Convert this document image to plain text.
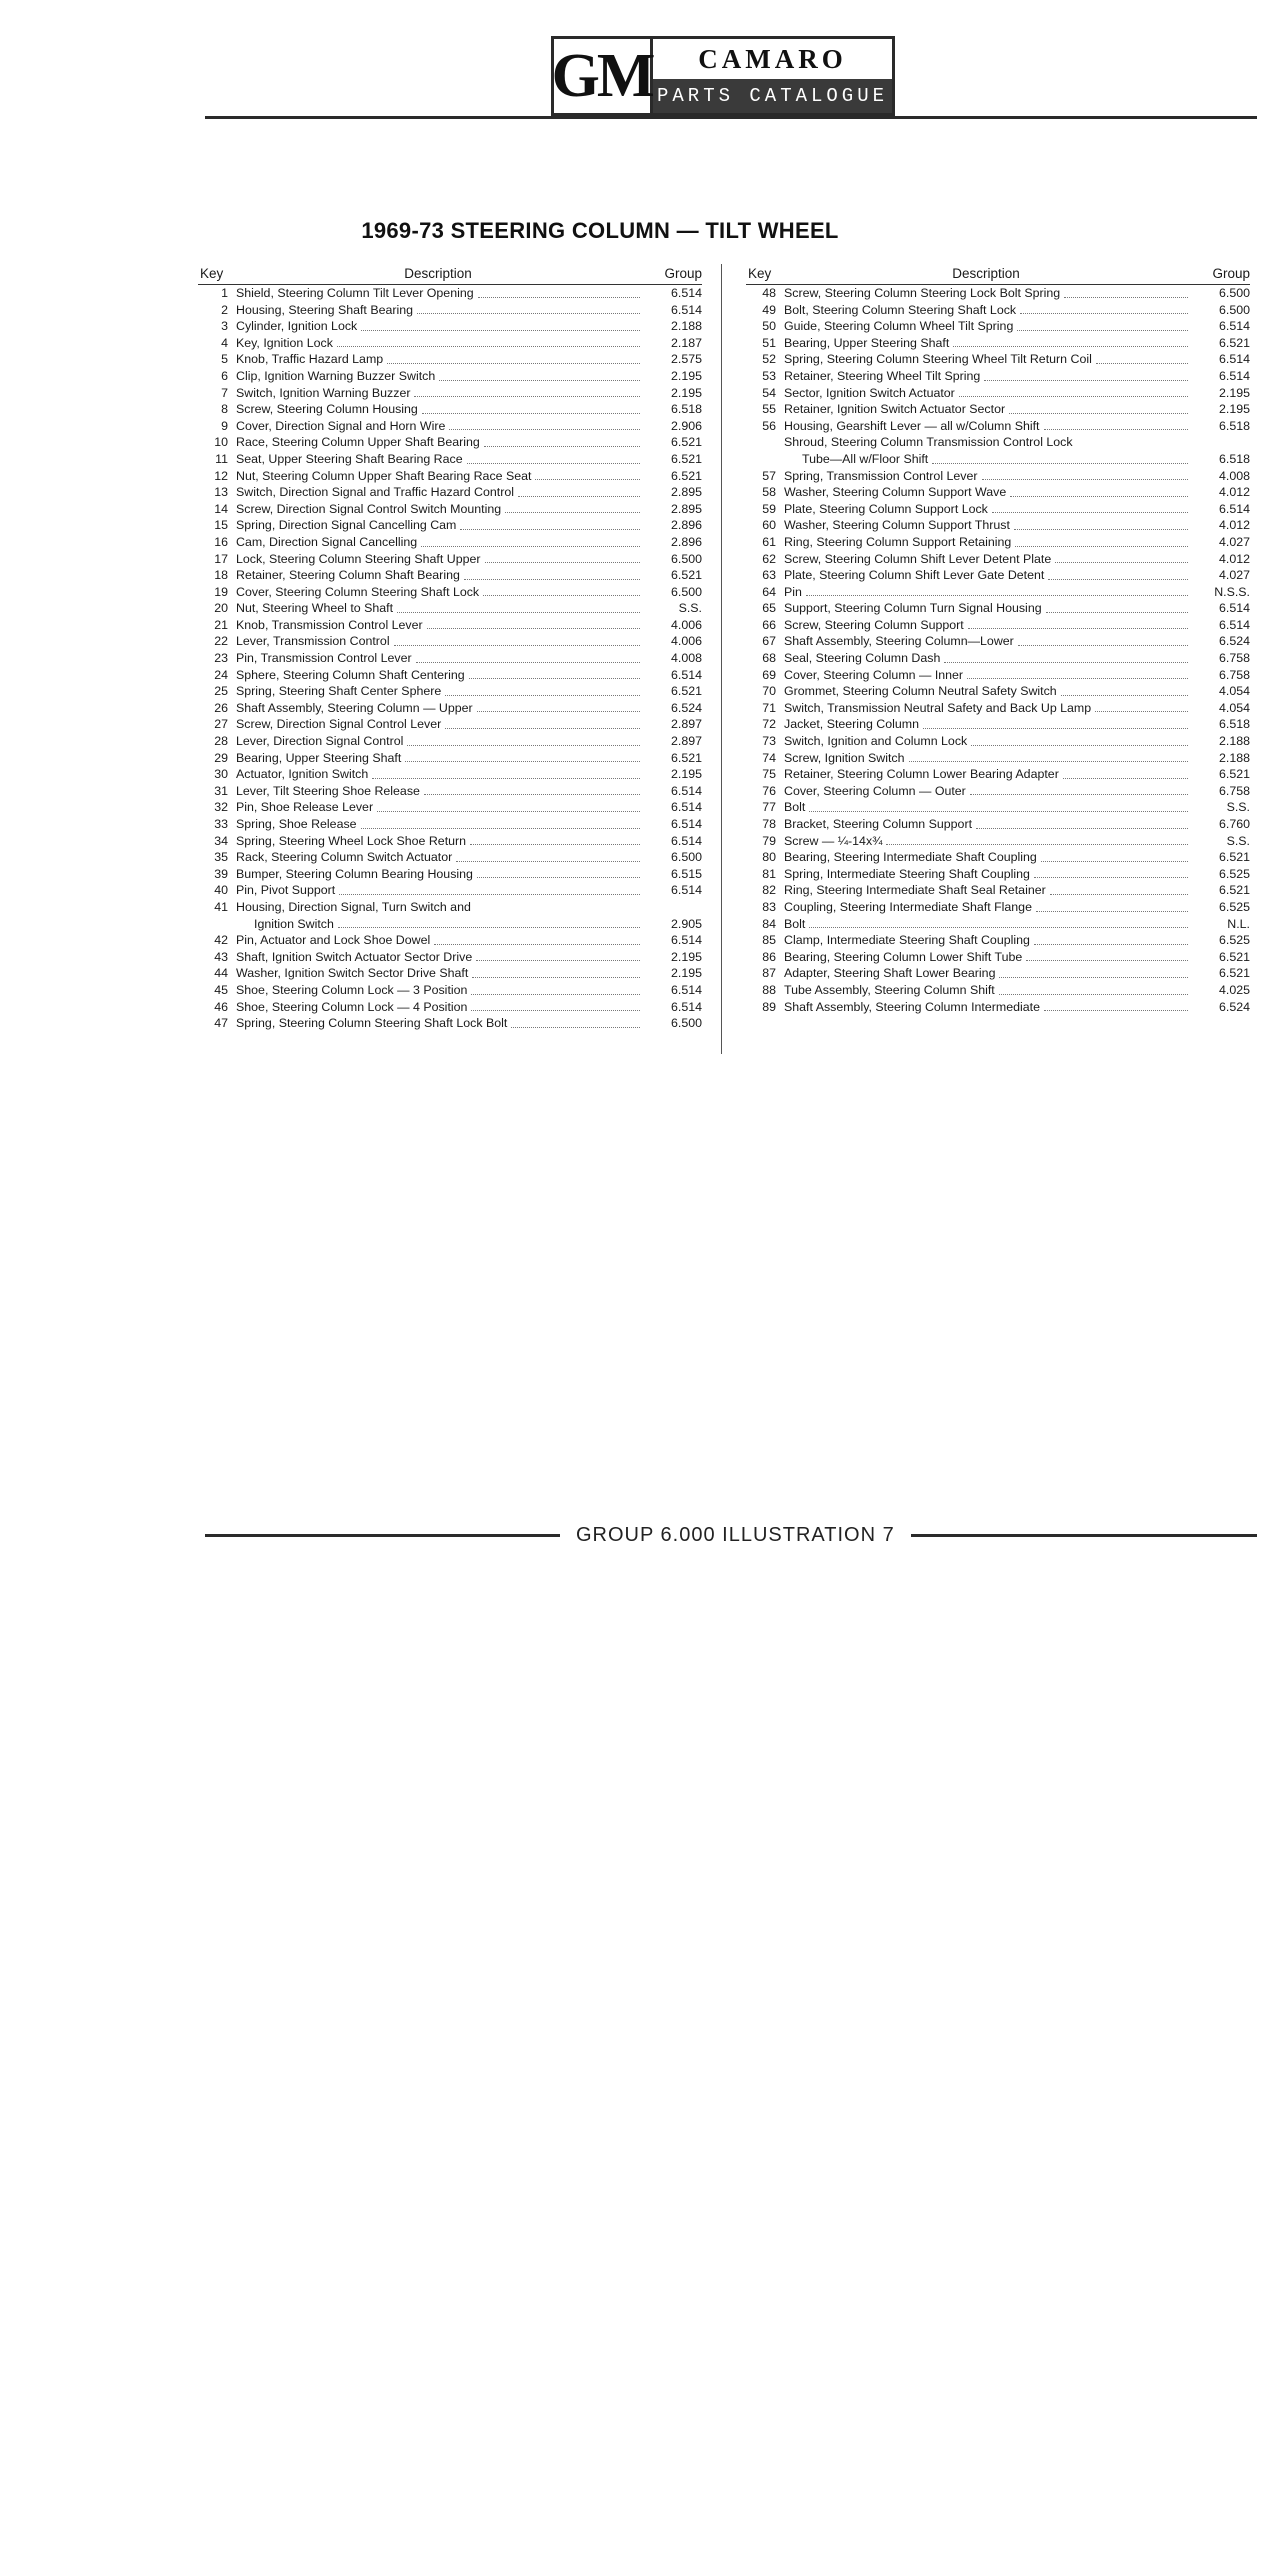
GM	CAMARO
PARTS CATALOGUE
1969-73 STEERING COLUMN — TILT WHEEL
Key	Description	Group
1 Shield, Steering Column Tilt Lever Opening	6.514
2 Housing, Steering Shaft Bearing	6.514
3 Cylinder, Ignition Lock	2.188
4 Key, Ignition Lock	2.187
5 Knob, Traffic Hazard Lamp	2.575
6 Clip, Ignition Warning Buzzer Switch	2.195
7 Switch, Ignition Warning Buzzer	2.195
8 Screw, Steering Column Housing	6.518
9 Cover, Direction Signal and Horn Wire	2.906
10 Race, Steering Column Upper Shaft Bearing	6.521
11 Seat, Upper Steering Shaft Bearing Race	6.521
12 Nut, Steering Column Upper Shaft Bearing Race Seat	6.521
13 Switch, Direction Signal and Traffic Hazard Control	2.895
14 Screw, Direction Signal Control Switch Mounting	2.895
15 Spring, Direction Signal Cancelling Cam	2.896
16 Cam, Direction Signal Cancelling	2.896
17 Lock, Steering Column Steering Shaft Upper	6.500
18 Retainer, Steering Column Shaft Bearing	6.521
19 Cover, Steering Column Steering Shaft Lock	6.500
20 Nut, Steering Wheel to Shaft	S.S.
21 Knob, Transmission Control Lever	4.006
22 Lever, Transmission Control	4.006
23 Pin, Transmission Control Lever	4.008
24 Sphere, Steering Column Shaft Centering	6.514
25 Spring, Steering Shaft Center Sphere	6.521
26 Shaft Assembly, Steering Column — Upper	6.524
27 Screw, Direction Signal Control Lever	2.897
28 Lever, Direction Signal Control	2.897
29 Bearing, Upper Steering Shaft	6.521
30 Actuator, Ignition Switch	2.195
31 Lever, Tilt Steering Shoe Release	6.514
32 Pin, Shoe Release Lever	6.514
33 Spring, Shoe Release	6.514
34 Spring, Steering Wheel Lock Shoe Return	6.514
35 Rack, Steering Column Switch Actuator	6.500
39 Bumper, Steering Column Bearing Housing	6.515
40 Pin, Pivot Support	6.514
41 Housing, Direction Signal, Turn Switch and
Ignition Switch	2.905
42 Pin, Actuator and Lock Shoe Dowel	6.514
43 Shaft, Ignition Switch Actuator Sector Drive	2.195
44 Washer, Ignition Switch Sector Drive Shaft	2.195
45 Shoe, Steering Column Lock — 3 Position	6.514
46 Shoe, Steering Column Lock — 4 Position	6.514
47 Spring, Steering Column Steering Shaft Lock Bolt	6.500
Key	Description	Group
48 Screw, Steering Column Steering Lock Bolt Spring	6.500
49 Bolt, Steering Column Steering Shaft Lock	6.500
50 Guide, Steering Column Wheel Tilt Spring	6.514
51 Bearing, Upper Steering Shaft	6.521
52 Spring, Steering Column Steering Wheel Tilt Return Coil	6.514
53 Retainer, Steering Wheel Tilt Spring	6.514
54 Sector, Ignition Switch Actuator	2.195
55 Retainer, Ignition Switch Actuator Sector	2.195
56 Housing, Gearshift Lever — all w/Column Shift	6.518
Shroud, Steering Column Transmission Control Lock
Tube—All w/Floor Shift	6.518
57 Spring, Transmission Control Lever	4.008
58 Washer, Steering Column Support Wave	4.012
59 Plate, Steering Column Support Lock	6.514
60 Washer, Steering Column Support Thrust	4.012
61 Ring, Steering Column Support Retaining	4.027
62 Screw, Steering Column Shift Lever Detent Plate	4.012
63 Plate, Steering Column Shift Lever Gate Detent	4.027
64 Pin	N.S.S.
65 Support, Steering Column Turn Signal Housing	6.514
66 Screw, Steering Column Support	6.514
67 Shaft Assembly, Steering Column—Lower	6.524
68 Seal, Steering Column Dash	6.758
69 Cover, Steering Column — Inner	6.758
70 Grommet, Steering Column Neutral Safety Switch	4.054
71 Switch, Transmission Neutral Safety and Back Up Lamp	4.054
72 Jacket, Steering Column	6.518
73 Switch, Ignition and Column Lock	2.188
74 Screw, Ignition Switch	2.188
75 Retainer, Steering Column Lower Bearing Adapter	6.521
76 Cover, Steering Column — Outer	6.758
77 Bolt	S.S.
78 Bracket, Steering Column Support	6.760
79 Screw — ¼-14x¾	S.S.
80 Bearing, Steering Intermediate Shaft Coupling	6.521
81 Spring, Intermediate Steering Shaft Coupling	6.525
82 Ring, Steering Intermediate Shaft Seal Retainer	6.521
83 Coupling, Steering Intermediate Shaft Flange	6.525
84 Bolt	N.L.
85 Clamp, Intermediate Steering Shaft Coupling	6.525
86 Bearing, Steering Column Lower Shift Tube	6.521
87 Adapter, Steering Shaft Lower Bearing	6.521
88 Tube Assembly, Steering Column Shift	4.025
89 Shaft Assembly, Steering Column Intermediate	6.524
GROUP 6.000 ILLUSTRATION 7
